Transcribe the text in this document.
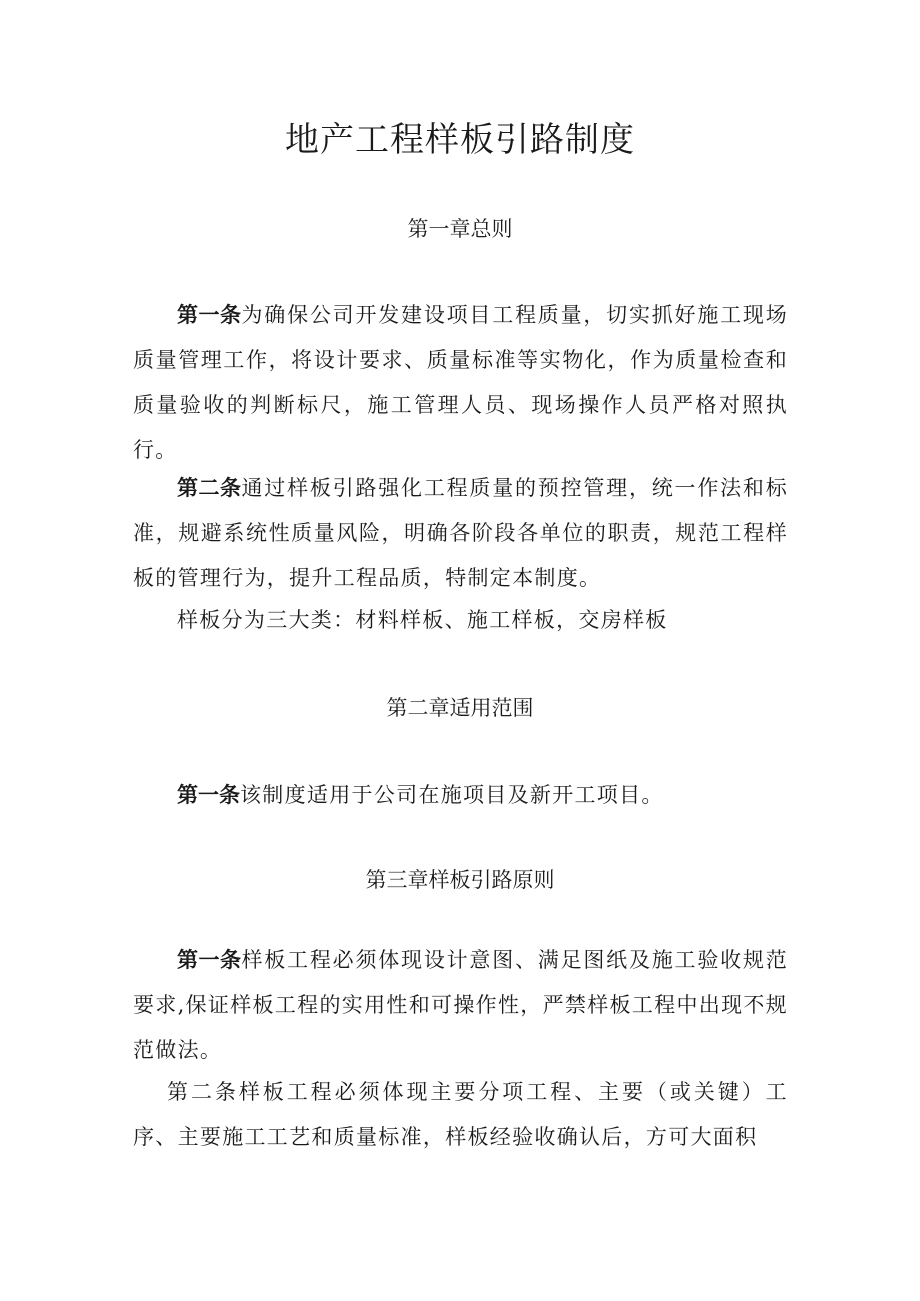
地产工程样板引路制度
第一章总则

第一条为确保公司开发建设项目工程质量，切实抓好施工现场质量管理工作，将设计要求、质量标准等实物化，作为质量检查和质量验收的判断标尺，施工管理人员、现场操作人员严格对照执行。

第二条通过样板引路强化工程质量的预控管理，统一作法和标准，规避系统性质量风险，明确各阶段各单位的职责，规范工程样板的管理行为，提升工程品质，特制定本制度。

样板分为三大类：材料样板、施工样板，交房样板

第二章适用范围

第一条该制度适用于公司在施项目及新开工项目。

第三章样板引路原则

第一条样板工程必须体现设计意图、满足图纸及施工验收规范要求,保证样板工程的实用性和可操作性，严禁样板工程中出现不规范做法。

第二条样板工程必须体现主要分项工程、主要（或关键）工序、主要施工工艺和质量标准，样板经验收确认后，方可大面积
